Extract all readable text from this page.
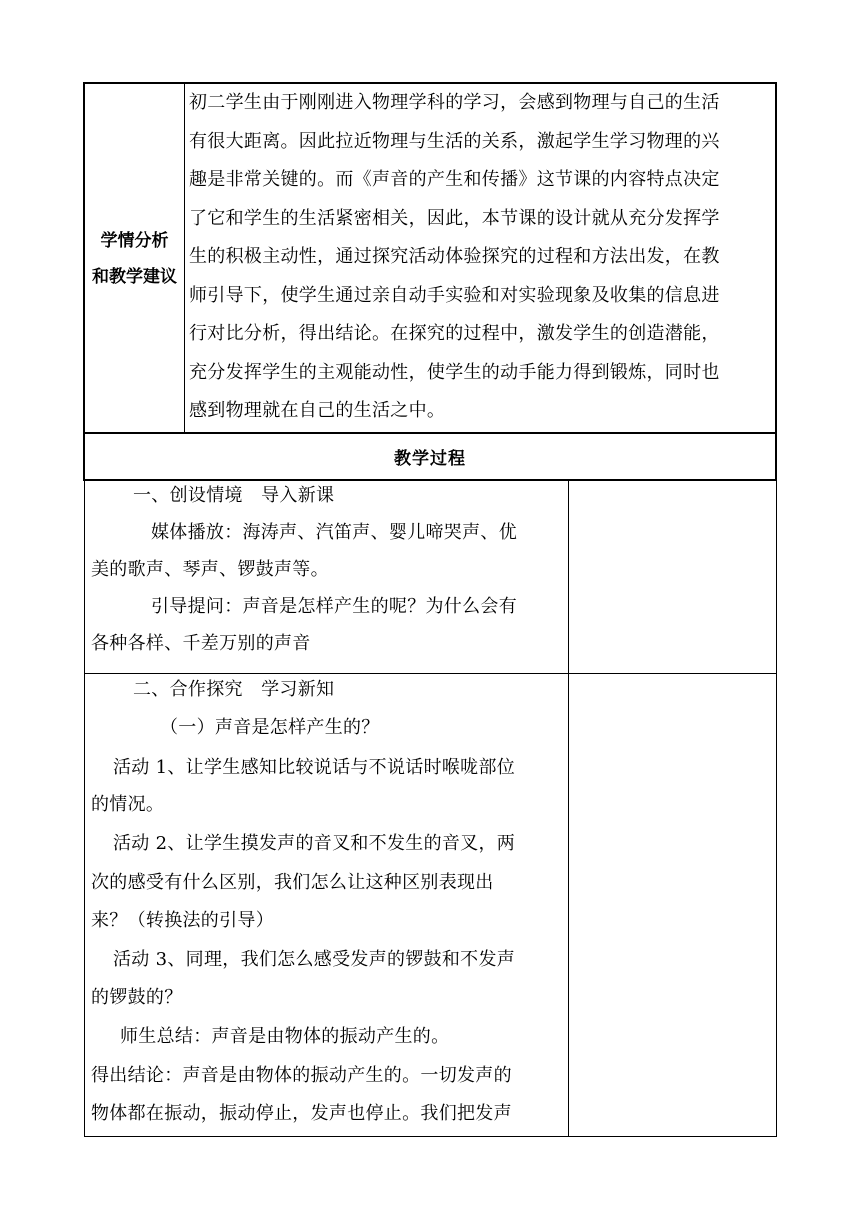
学情分析
和教学建议
初二学生由于刚刚进入物理学科的学习，会感到物理与自己的生活
有很大距离。因此拉近物理与生活的关系，激起学生学习物理的兴
趣是非常关键的。而《声音的产生和传播》这节课的内容特点决定
了它和学生的生活紧密相关，因此，本节课的设计就从充分发挥学
生的积极主动性，通过探究活动体验探究的过程和方法出发，在教
师引导下，使学生通过亲自动手实验和对实验现象及收集的信息进
行对比分析，得出结论。在探究的过程中，激发学生的创造潜能，
充分发挥学生的主观能动性，使学生的动手能力得到锻炼，同时也
感到物理就在自己的生活之中。
教学过程
一、创设情境　导入新课
媒体播放：海涛声、汽笛声、婴儿啼哭声、优
美的歌声、琴声、锣鼓声等。
引导提问：声音是怎样产生的呢？为什么会有
各种各样、千差万别的声音
二、合作探究　学习新知
（一）声音是怎样产生的？
活动 1、让学生感知比较说话与不说话时喉咙部位
的情况。
活动 2、让学生摸发声的音叉和不发生的音叉，两
次的感受有什么区别，我们怎么让这种区别表现出
来？（转换法的引导）
活动 3、同理，我们怎么感受发声的锣鼓和不发声
的锣鼓的？
师生总结：声音是由物体的振动产生的。
得出结论：声音是由物体的振动产生的。一切发声的
物体都在振动，振动停止，发声也停止。我们把发声
